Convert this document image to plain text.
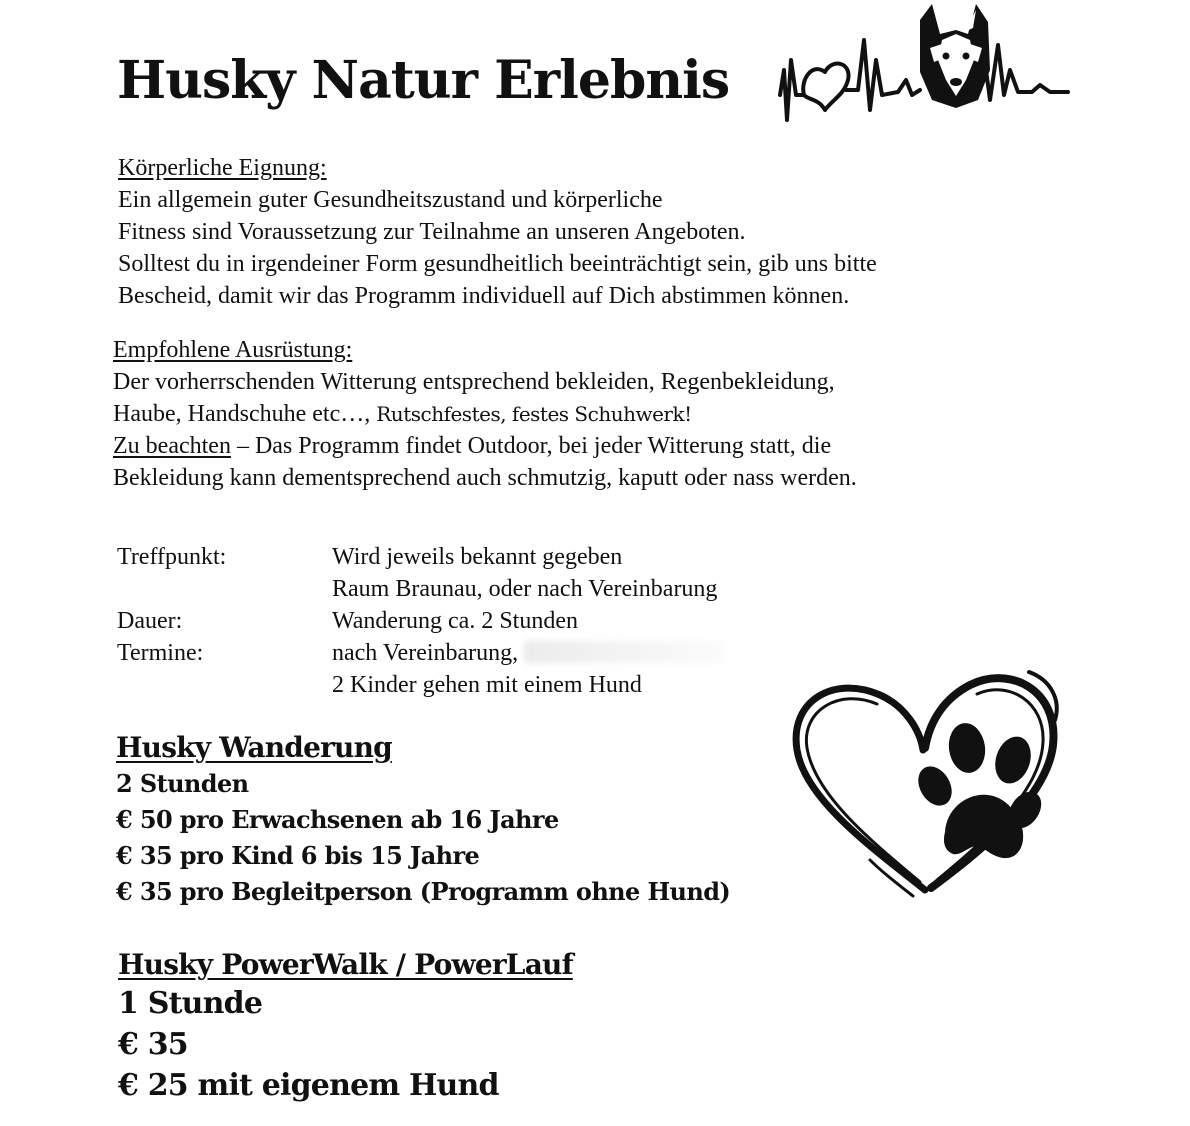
Husky Natur Erlebnis
Körperliche Eignung:
Ein allgemein guter Gesundheitszustand und körperliche
Fitness sind Voraussetzung zur Teilnahme an unseren Angeboten.
Solltest du in irgendeiner Form gesundheitlich beeinträchtigt sein, gib uns bitte
Bescheid, damit wir das Programm individuell auf Dich abstimmen können.
Empfohlene Ausrüstung:
Der vorherrschenden Witterung entsprechend bekleiden, Regenbekleidung,
Haube, Handschuhe etc…, Rutschfestes, festes Schuhwerk!
Zu beachten – Das Programm findet Outdoor, bei jeder Witterung statt, die
Bekleidung kann dementsprechend auch schmutzig, kaputt oder nass werden.
Treffpunkt:	Wird jeweils bekannt gegeben
Raum Braunau, oder nach Vereinbarung
Dauer:	Wanderung ca. 2 Stunden
Termine:	nach Vereinbarung,
2 Kinder gehen mit einem Hund
Husky Wanderung
2 Stunden
€ 50 pro Erwachsenen ab 16 Jahre
€ 35 pro Kind 6 bis 15 Jahre
€ 35 pro Begleitperson (Programm ohne Hund)
Husky PowerWalk / PowerLauf
1 Stunde
€ 35
€ 25 mit eigenem Hund
